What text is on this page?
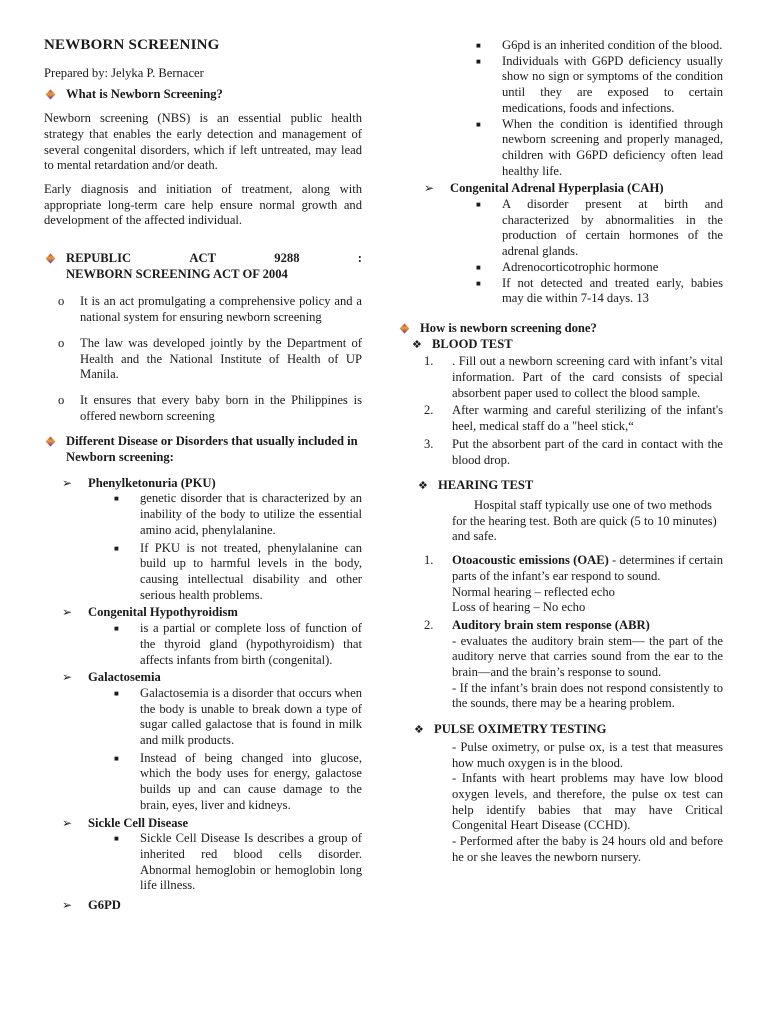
NEWBORN SCREENING

Prepared by: Jelyka P. Bernacer

What is Newborn Screening?

Newborn screening (NBS) is an essential public health strategy that enables the early detection and management of several congenital disorders, which if left untreated, may lead to mental retardation and/or death.

Early diagnosis and initiation of treatment, along with appropriate long-term care help ensure normal growth and development of the affected individual.

REPUBLIC	ACT	9288	:
NEWBORN SCREENING ACT OF 2004
o	It is an act promulgating a comprehensive policy and a national system for ensuring newborn screening
o	The law was developed jointly by the Department of Health and the National Institute of Health of UP Manila.
o	It ensures that every baby born in the Philippines is offered newborn screening
Different Disease or Disorders that usually included in Newborn screening:
➢	Phenylketonuria (PKU)
■	genetic disorder that is characterized by an inability of the body to utilize the essential amino acid, phenylalanine.
■	If PKU is not treated, phenylalanine can build up to harmful levels in the body, causing intellectual disability and other serious health problems.
➢	Congenital Hypothyroidism
■	is a partial or complete loss of function of the thyroid gland (hypothyroidism) that affects infants from birth (congenital).
➢	Galactosemia
■	Galactosemia is a disorder that occurs when the body is unable to break down a type of sugar called galactose that is found in milk and milk products.
■	Instead of being changed into glucose, which the body uses for energy, galactose builds up and can cause damage to the brain, eyes, liver and kidneys.
➢	Sickle Cell Disease
■	Sickle Cell Disease Is describes a group of inherited red blood cells disorder. Abnormal hemoglobin or hemoglobin long life illness.
➢	G6PD
■	G6pd is an inherited condition of the blood.
■	Individuals with G6PD deficiency usually show no sign or symptoms of the condition until they are exposed to certain medications, foods and infections.
■	When the condition is identified through newborn screening and properly managed, children with G6PD deficiency often lead healthy life.
➢	Congenital Adrenal Hyperplasia (CAH)
■	A disorder present at birth and characterized by abnormalities in the production of certain hormones of the adrenal glands.
■	Adrenocorticotrophic hormone
■	If not detected and treated early, babies may die within 7-14 days. 13
How is newborn screening done?
❖ BLOOD TEST
1.	. Fill out a newborn screening card with infant’s vital information. Part of the card consists of special absorbent paper used to collect the blood sample.
2.	After warming and careful sterilizing of the infant's heel, medical staff do a "heel stick,“
3.	Put the absorbent part of the card in contact with the blood drop.
❖ HEARING TEST

Hospital staff typically use one of two methods for the hearing test. Both are quick (5 to 10 minutes) and safe.

1.	Otoacoustic emissions (OAE) - determines if certain parts of the infant’s ear respond to sound.
Normal hearing – reflected echo
Loss of hearing – No echo
2.	Auditory brain stem response (ABR)
- evaluates the auditory brain stem— the part of the auditory nerve that carries sound from the ear to the brain—and the brain’s response to sound.
- If the infant’s brain does not respond consistently to the sounds, there may be a hearing problem.
❖ PULSE OXIMETRY TESTING

- Pulse oximetry, or pulse ox, is a test that measures how much oxygen is in the blood.

- Infants with heart problems may have low blood oxygen levels, and therefore, the pulse ox test can help identify babies that may have Critical Congenital Heart Disease (CCHD).

- Performed after the baby is 24 hours old and before he or she leaves the newborn nursery.
